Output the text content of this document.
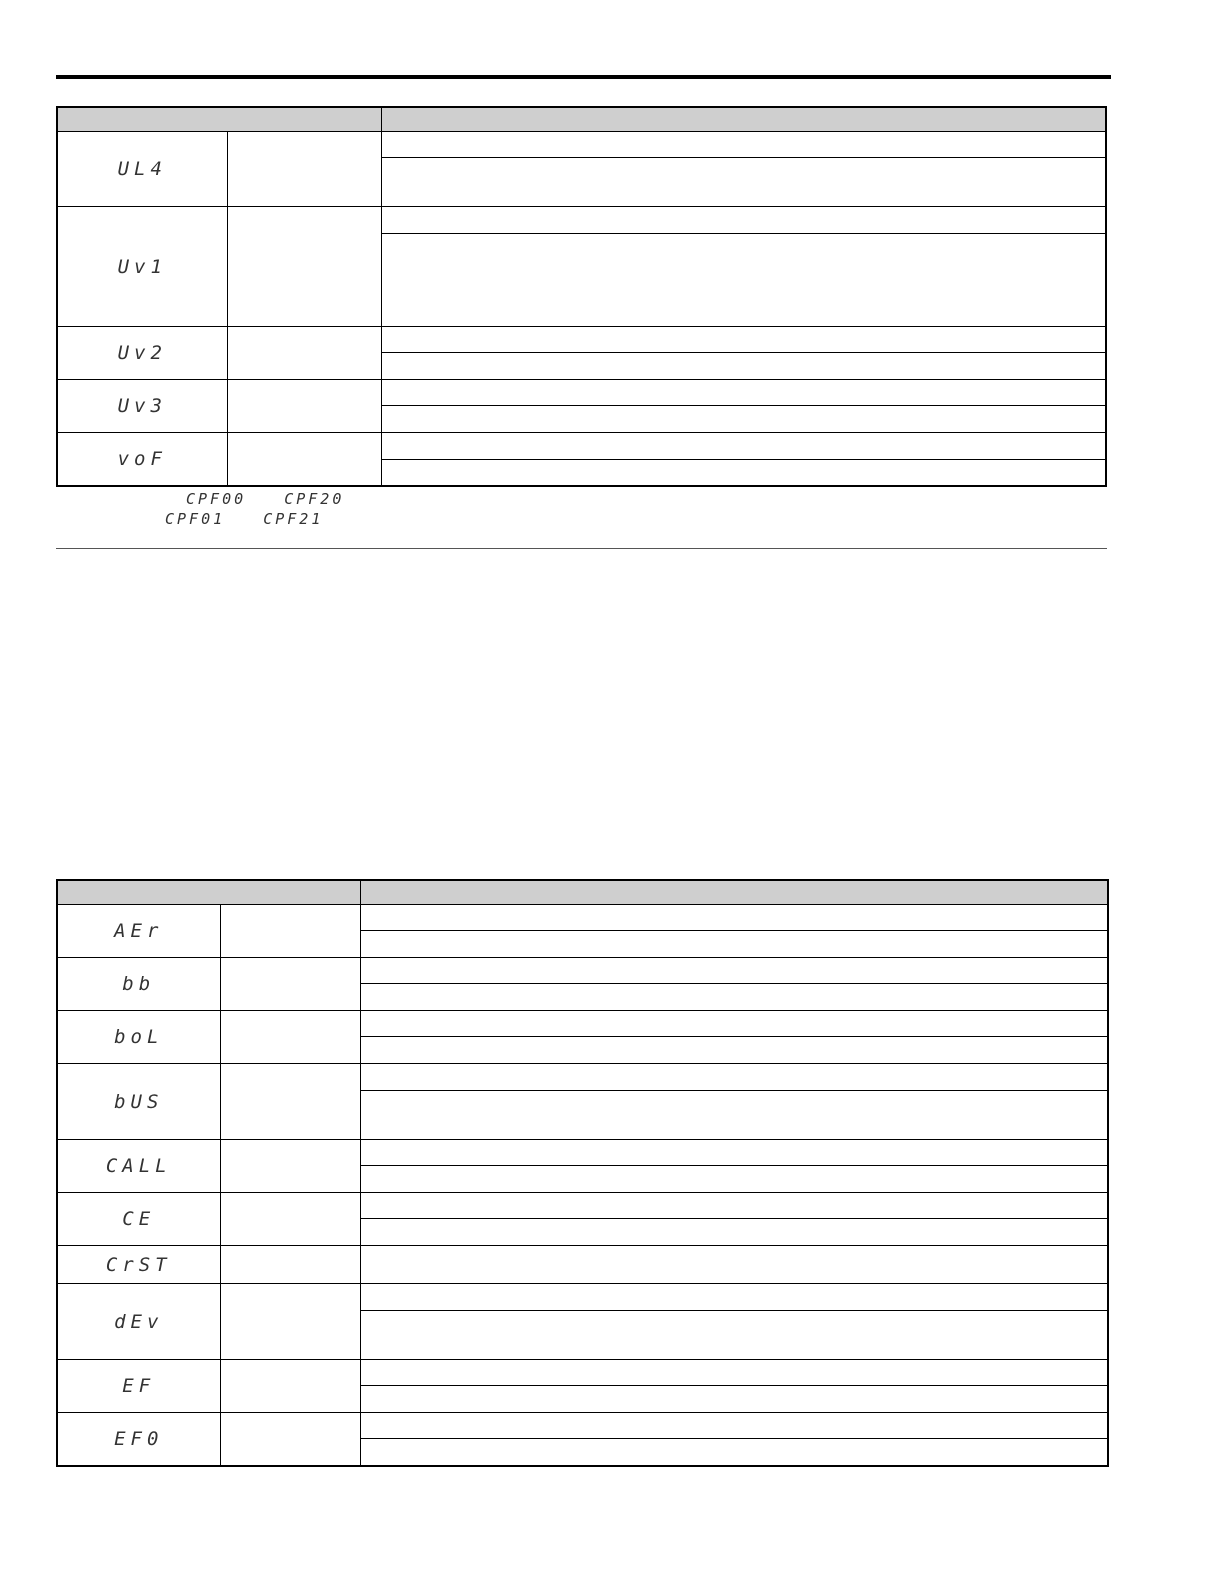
UL4		

Uv1		

Uv2		

Uv3		

voF		

CPF00	CPF20
CPF01	CPF21

AEr		

bb		

boL		

bUS		

CALL		

CE		

CrST		
dEv		

EF		

EF0		
